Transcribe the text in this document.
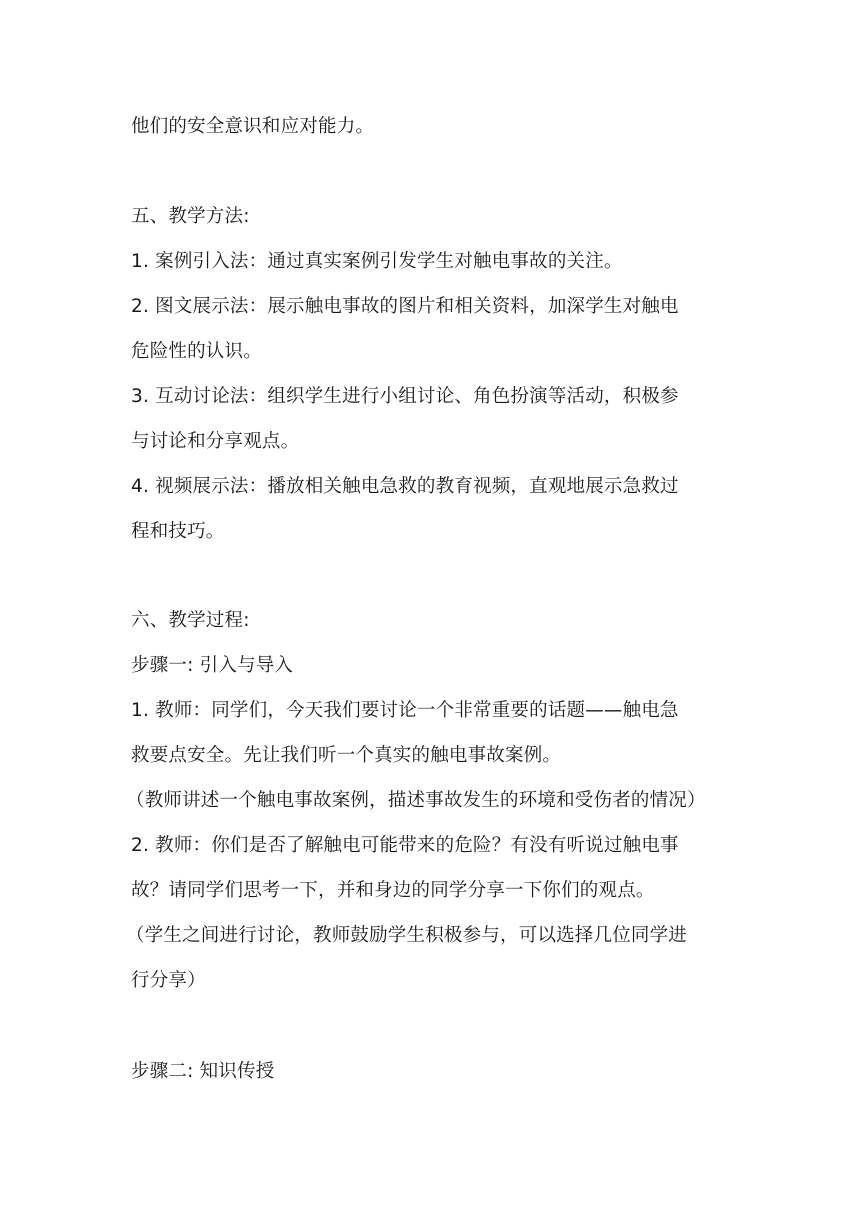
他们的安全意识和应对能力。
五、教学方法:
1. 案例引入法：通过真实案例引发学生对触电事故的关注。
2. 图文展示法：展示触电事故的图片和相关资料，加深学生对触电
危险性的认识。
3. 互动讨论法：组织学生进行小组讨论、角色扮演等活动，积极参
与讨论和分享观点。
4. 视频展示法：播放相关触电急救的教育视频，直观地展示急救过
程和技巧。
六、教学过程:
步骤一: 引入与导入
1. 教师：同学们，今天我们要讨论一个非常重要的话题——触电急
救要点安全。先让我们听一个真实的触电事故案例。
（教师讲述一个触电事故案例，描述事故发生的环境和受伤者的情况）
2. 教师：你们是否了解触电可能带来的危险？有没有听说过触电事
故？请同学们思考一下，并和身边的同学分享一下你们的观点。
（学生之间进行讨论，教师鼓励学生积极参与，可以选择几位同学进
行分享）
步骤二: 知识传授
